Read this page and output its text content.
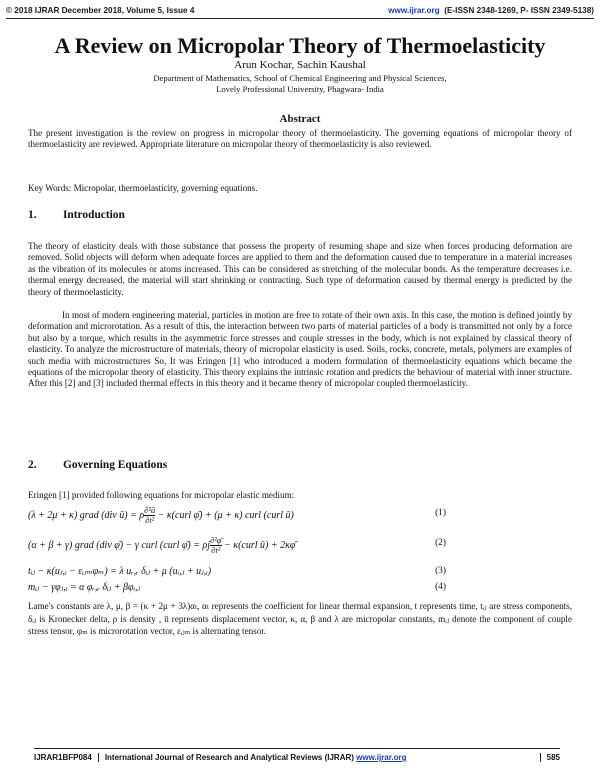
© 2018 IJRAR December 2018, Volume 5, Issue 4	www.ijrar.org (E-ISSN 2348-1269, P- ISSN 2349-5138)
A Review on Micropolar Theory of Thermoelasticity
Arun Kochar, Sachin Kaushal
Department of Mathematics, School of Chemical Engineering and Physical Sciences,
Lovely Professional University, Phagwara- India
Abstract

The present investigation is the review on progress in micropolar theory of thermoelasticity. The governing equations of micropolar theory of thermoelasticity are reviewed. Appropriate literature on micropolar theory of thermoelasticity is also reviewed.

Key Words: Micropolar, thermoelasticity, governing equations.

1. Introduction

The theory of elasticity deals with those substance that possess the property of resuming shape and size when forces producing deformation are removed. Solid objects will deform when adequate forces are applied to them and the deformation caused due to temperature in a material increases as the vibration of its molecules or atoms increased. This can be considered as stretching of the molecular bonds. As the temperature decreases i.e. thermal energy decreased, the material will start shrinking or contracting. Such type of deformation caused by thermal energy is predicted by the theory of thermoelasticity.

In most of modern engineering material, particles in motion are free to rotate of their own axis. In this case, the motion is defined jointly by deformation and microrotation. As a result of this, the interaction between two parts of material particles of a body is transmitted not only by a force but also by a torque, which results in the asymmetric force stresses and couple stresses in the body, which is not explained by classical theory of elasticity. To analyze the microstructure of materials, theory of micropolar elasticity is used. Soils, rocks, concrete, metals, polymers are examples of such media with microstructures So, It was Eringen [1] who introduced a modern formulation of thermoelasticity equations which became the equations of the micropolar theory of elasticity. This theory explains the intrinsic rotation and predicts the behaviour of material with inner structure. After this [2] and [3] included thermal effects in this theory and it became theory of micropolar coupled thermoelasticity.

2. Governing Equations

Eringen [1] provided following equations for micropolar elastic medium:

(λ + 2μ + κ) grad (div ū) = ρ $\frac{\text{∂²ū}}{\text{∂t²}}$ − κ(curl φ̄) + (μ + κ) curl (curl ū)	(1)
(α + β + γ) grad (div φ̄) − γ curl (curl φ̄) = ρj $\frac{\text{∂²φ̄}}{\text{∂t²}}$ − κ(curl ū) + 2κφ̄	(2)
tᵢⱼ − κ(uⱼ,ᵢ − εᵢⱼₘφₘ) = λ uᵣ,ᵣ δᵢⱼ + μ (uᵢ,ⱼ + uⱼ,ᵢ)	(3)
mᵢⱼ − γφⱼ,ᵢ = α φᵣ,ᵣ δᵢⱼ + βφᵢ,ⱼ	(4)

Lame's constants are λ, μ, β = (κ + 2μ + 3λ)αₜ, αₜ represents the coefficient for linear thermal expansion, t represents time, tᵢⱼ are stress components, δᵢⱼ is Kronecker delta, ρ is density , ū represents displacement vector, κ, α, β and λ are micropolar constants, mᵢⱼ denote the component of couple stress tensor, φₘ is microrotation vector, εᵢⱼₘ is alternating tensor.

IJRAR1BFP084	International Journal of Research and Analytical Reviews (IJRAR) www.ijrar.org	585
